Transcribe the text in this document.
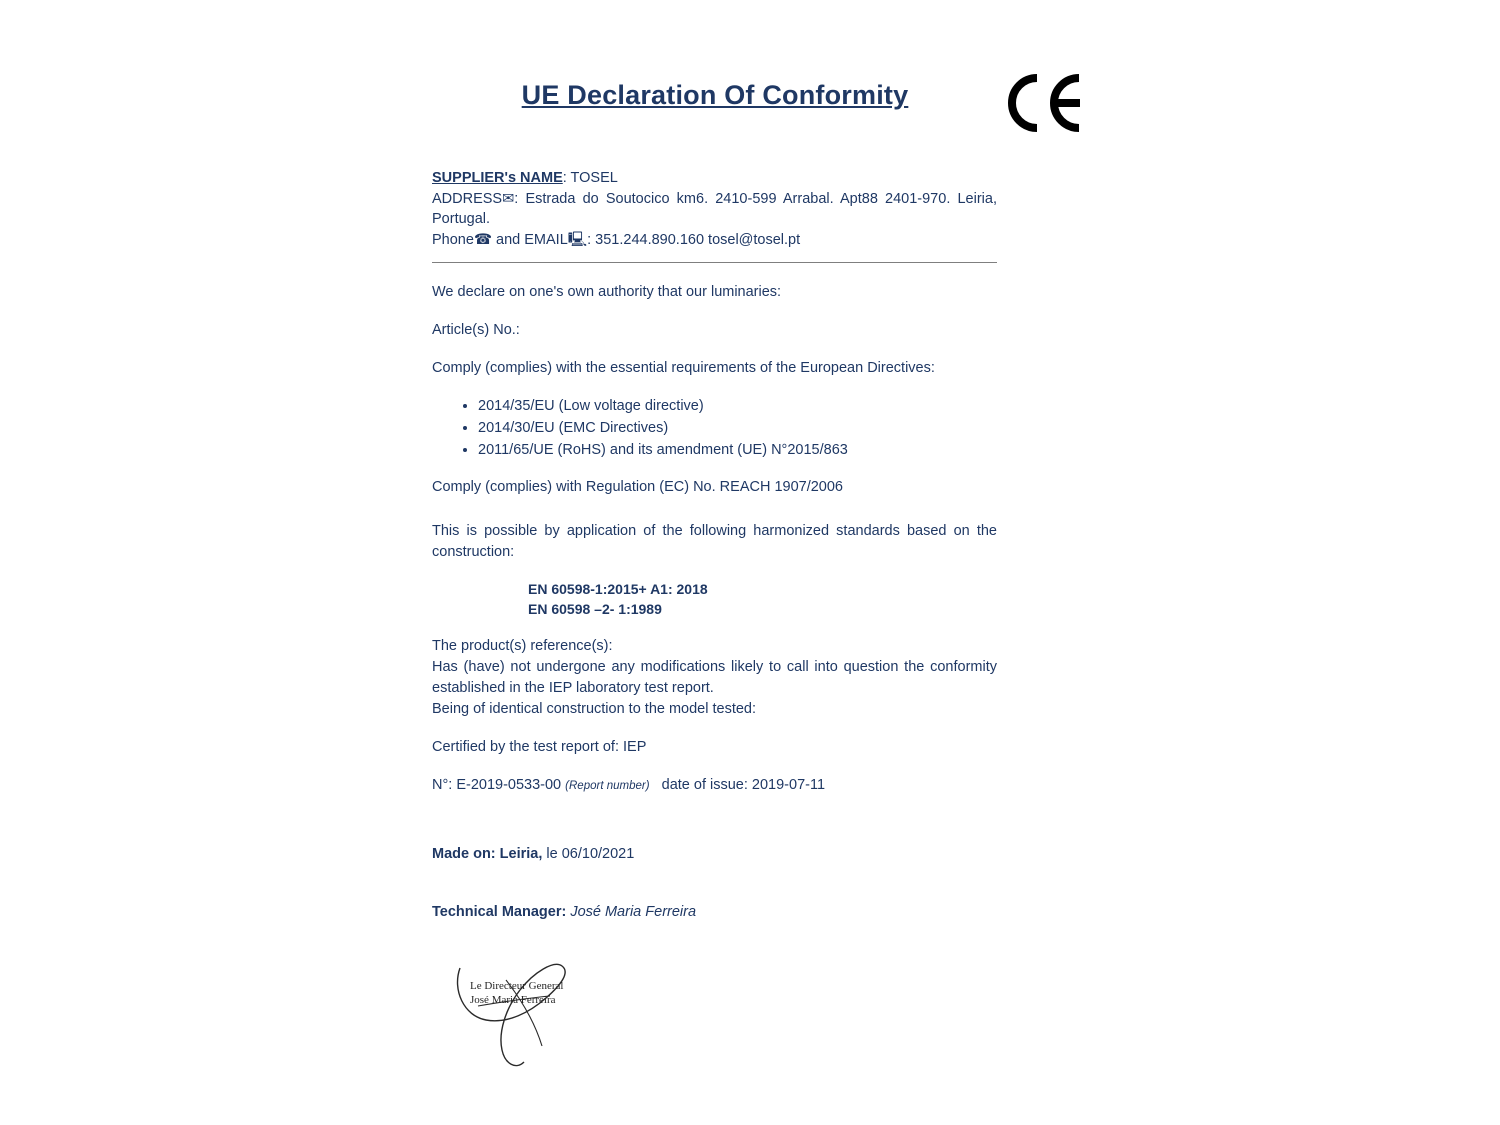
UE Declaration Of Conformity

SUPPLIER's NAME: TOSEL

ADDRESS✉: Estrada do Soutocico km6. 2410-599 Arrabal. Apt88 2401-970. Leiria, Portugal.

Phone☎ and EMAIL🖳: 351.244.890.160 tosel@tosel.pt

We declare on one's own authority that our luminaries:

Article(s) No.:

Comply (complies) with the essential requirements of the European Directives:

• 2014/35/EU (Low voltage directive)
• 2014/30/EU (EMC Directives)
• 2011/65/UE (RoHS) and its amendment (UE) N°2015/863

Comply (complies) with Regulation (EC) No. REACH 1907/2006

This is possible by application of the following harmonized standards based on the construction:

EN 60598-1:2015+ A1: 2018
EN 60598 –2- 1:1989

The product(s) reference(s):

Has (have) not undergone any modifications likely to call into question the conformity established in the IEP laboratory test report.

Being of identical construction to the model tested:

Certified by the test report of: IEP

N°: E-2019-0533-00 (Report number) date of issue: 2019-07-11

Made on: Leiria, le 06/10/2021
Technical Manager: José Maria Ferreira
Le Directeur General
José Maria Ferreira
